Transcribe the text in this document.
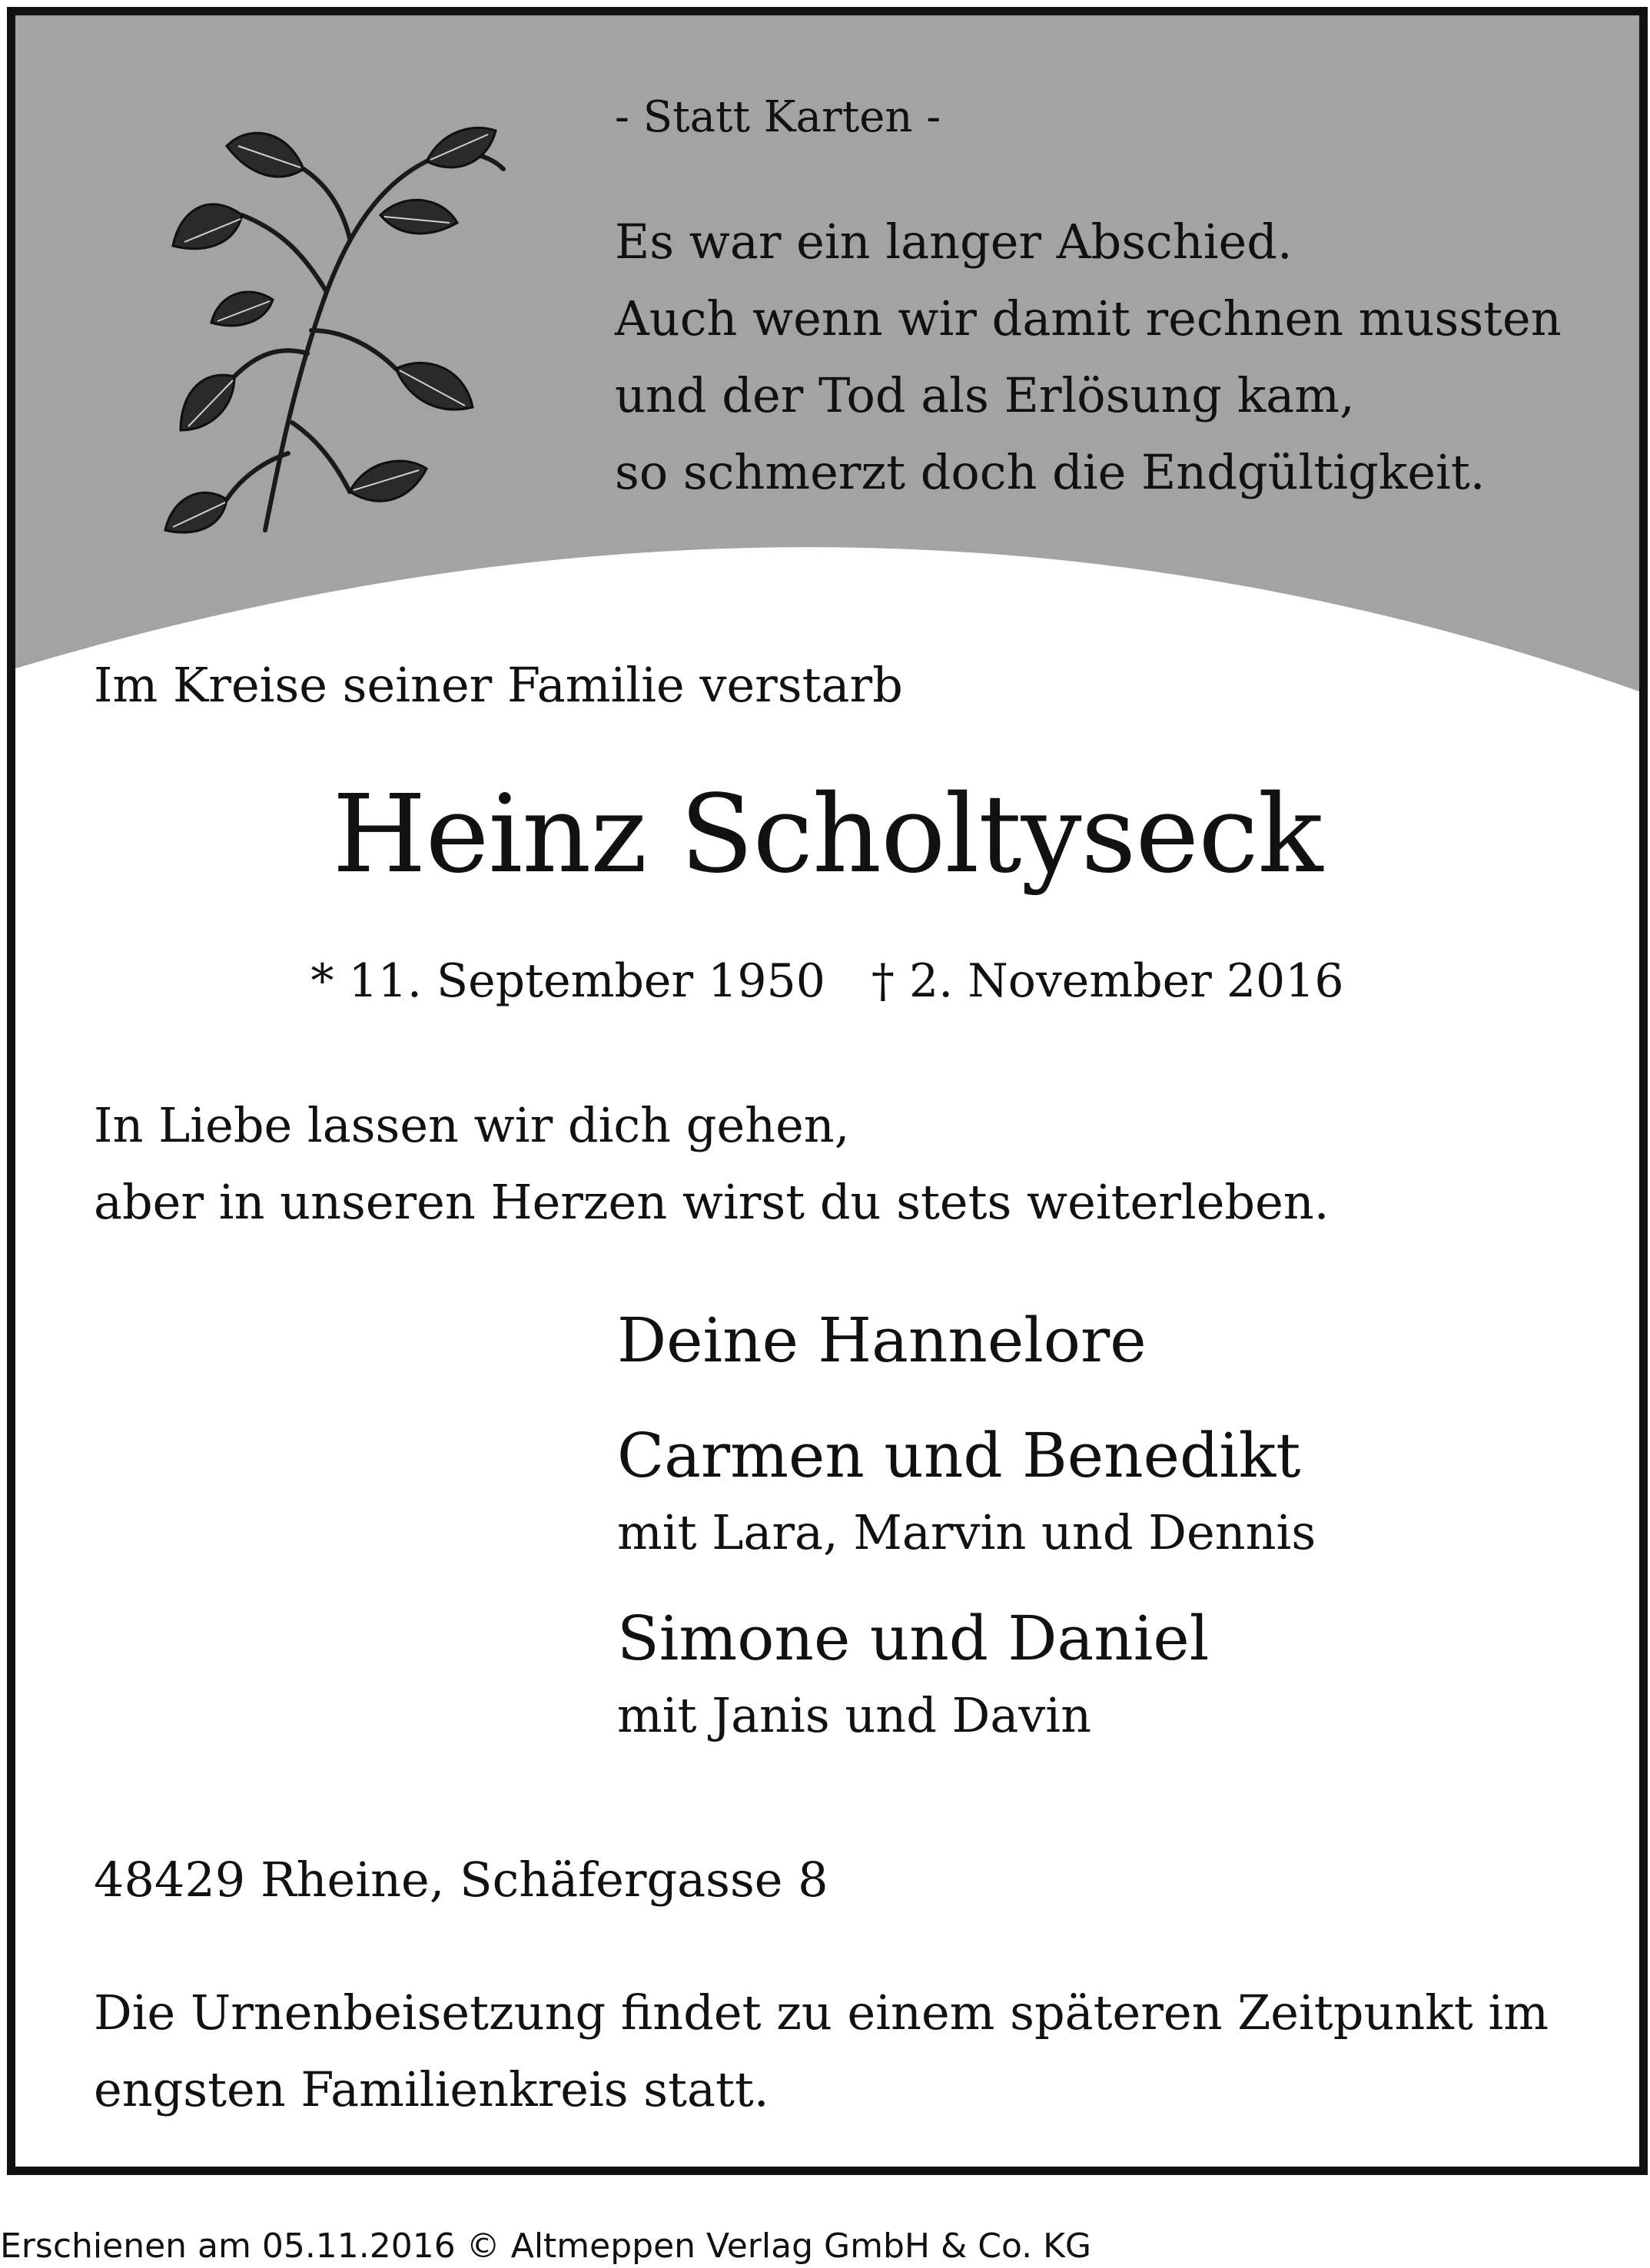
- Statt Karten -

Es war ein langer Abschied.
Auch wenn wir damit rechnen mussten
und der Tod als Erlösung kam,
so schmerzt doch die Endgültigkeit.

Im Kreise seiner Familie verstarb

Heinz Scholtyseck

* 11. September 1950 † 2. November 2016

In Liebe lassen wir dich gehen,
aber in unseren Herzen wirst du stets weiterleben.
Deine Hannelore
Carmen und Benedikt
mit Lara, Marvin und Dennis
Simone und Daniel
mit Janis und Davin

48429 Rheine, Schäfergasse 8

Die Urnenbeisetzung findet zu einem späteren Zeitpunkt im
engsten Familienkreis statt.
Erschienen am 05.11.2016 © Altmeppen Verlag GmbH & Co. KG
